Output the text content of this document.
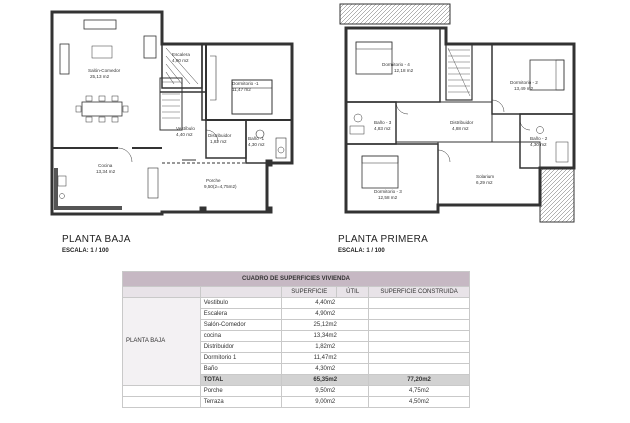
Salón-Comedor
25,13 m2
Escalera
4,90 m2
Dormitorio -1
11,47 m2
Vestíbulo
4,40 m2	Distribuidor
1,82 m2
Baño -1
4,30 m2
Cocina
13,34 m2
Porche
9,50(2=4,75m2)
Dormitorio - 4
12,18 m2
Dormitorio - 2
13,49 m2
Baño - 3
4,83 m2
Distribuidor
4,88 m2
Baño - 2
4,30 m2
Dormitorio - 3
12,58 m2
Solarium
6,29 m2
PLANTA BAJA
ESCALA: 1 / 100
PLANTA PRIMERA
ESCALA: 1 / 100
CUADRO DE SUPERFICIES VIVIENDA				
		SUPERFICIE	ÚTIL	SUPERFICIE CONSTRUIDA
PLANTA BAJA	Vestibulo	4,40m2		
	Escalera	4,90m2		
	Salón-Comedor	25,12m2		
	cocina	13,34m2		
	Distribuidor	1,82m2		
	Dormitorio 1	11,47m2		
	Baño	4,30m2		
	TOTAL	65,35m2		77,20m2
	Porche	9,50m2		4,75m2
	Terraza	9,00m2		4,50m2
